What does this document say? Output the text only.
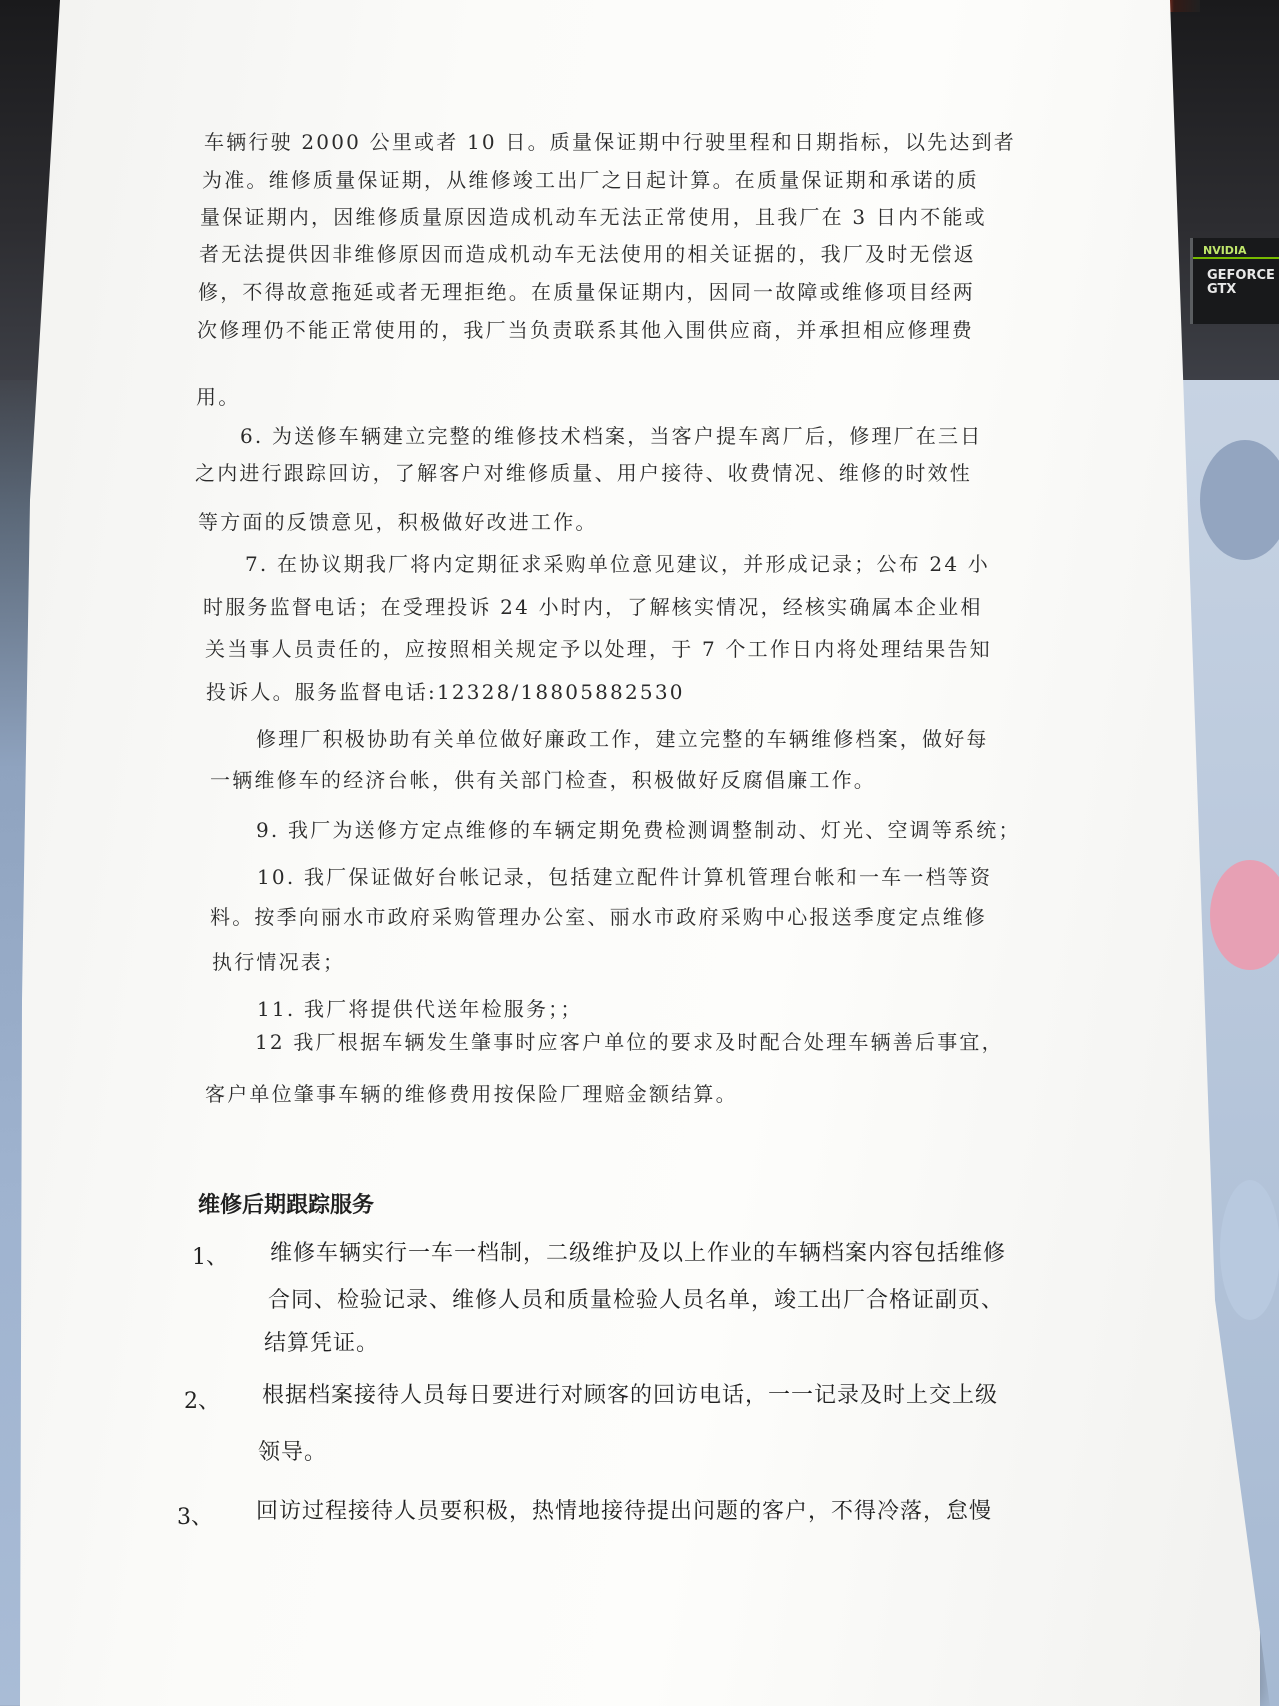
NVIDIA
GEFORCE
GTX
车辆行驶 2000 公里或者 10 日。质量保证期中行驶里程和日期指标，以先达到者
为准。维修质量保证期，从维修竣工出厂之日起计算。在质量保证期和承诺的质
量保证期内，因维修质量原因造成机动车无法正常使用，且我厂在 3 日内不能或
者无法提供因非维修原因而造成机动车无法使用的相关证据的，我厂及时无偿返
修，不得故意拖延或者无理拒绝。在质量保证期内，因同一故障或维修项目经两
次修理仍不能正常使用的，我厂当负责联系其他入围供应商，并承担相应修理费
用。
6. 为送修车辆建立完整的维修技术档案，当客户提车离厂后，修理厂在三日
之内进行跟踪回访，了解客户对维修质量、用户接待、收费情况、维修的时效性
等方面的反馈意见，积极做好改进工作。
7. 在协议期我厂将内定期征求采购单位意见建议，并形成记录；公布 24 小
时服务监督电话；在受理投诉 24 小时内，了解核实情况，经核实确属本企业相
关当事人员责任的，应按照相关规定予以处理，于 7 个工作日内将处理结果告知
投诉人。服务监督电话:12328/18805882530
修理厂积极协助有关单位做好廉政工作，建立完整的车辆维修档案，做好每
一辆维修车的经济台帐，供有关部门检查，积极做好反腐倡廉工作。
9. 我厂为送修方定点维修的车辆定期免费检测调整制动、灯光、空调等系统；
10. 我厂保证做好台帐记录，包括建立配件计算机管理台帐和一车一档等资
料。按季向丽水市政府采购管理办公室、丽水市政府采购中心报送季度定点维修
执行情况表；
11. 我厂将提供代送年检服务；；
12 我厂根据车辆发生肇事时应客户单位的要求及时配合处理车辆善后事宜，
客户单位肇事车辆的维修费用按保险厂理赔金额结算。
维修后期跟踪服务
1、 维修车辆实行一车一档制，二级维护及以上作业的车辆档案内容包括维修
合同、检验记录、维修人员和质量检验人员名单，竣工出厂合格证副页、
结算凭证。
2、 根据档案接待人员每日要进行对顾客的回访电话，一一记录及时上交上级
领导。
3、 回访过程接待人员要积极，热情地接待提出问题的客户，不得冷落，怠慢
